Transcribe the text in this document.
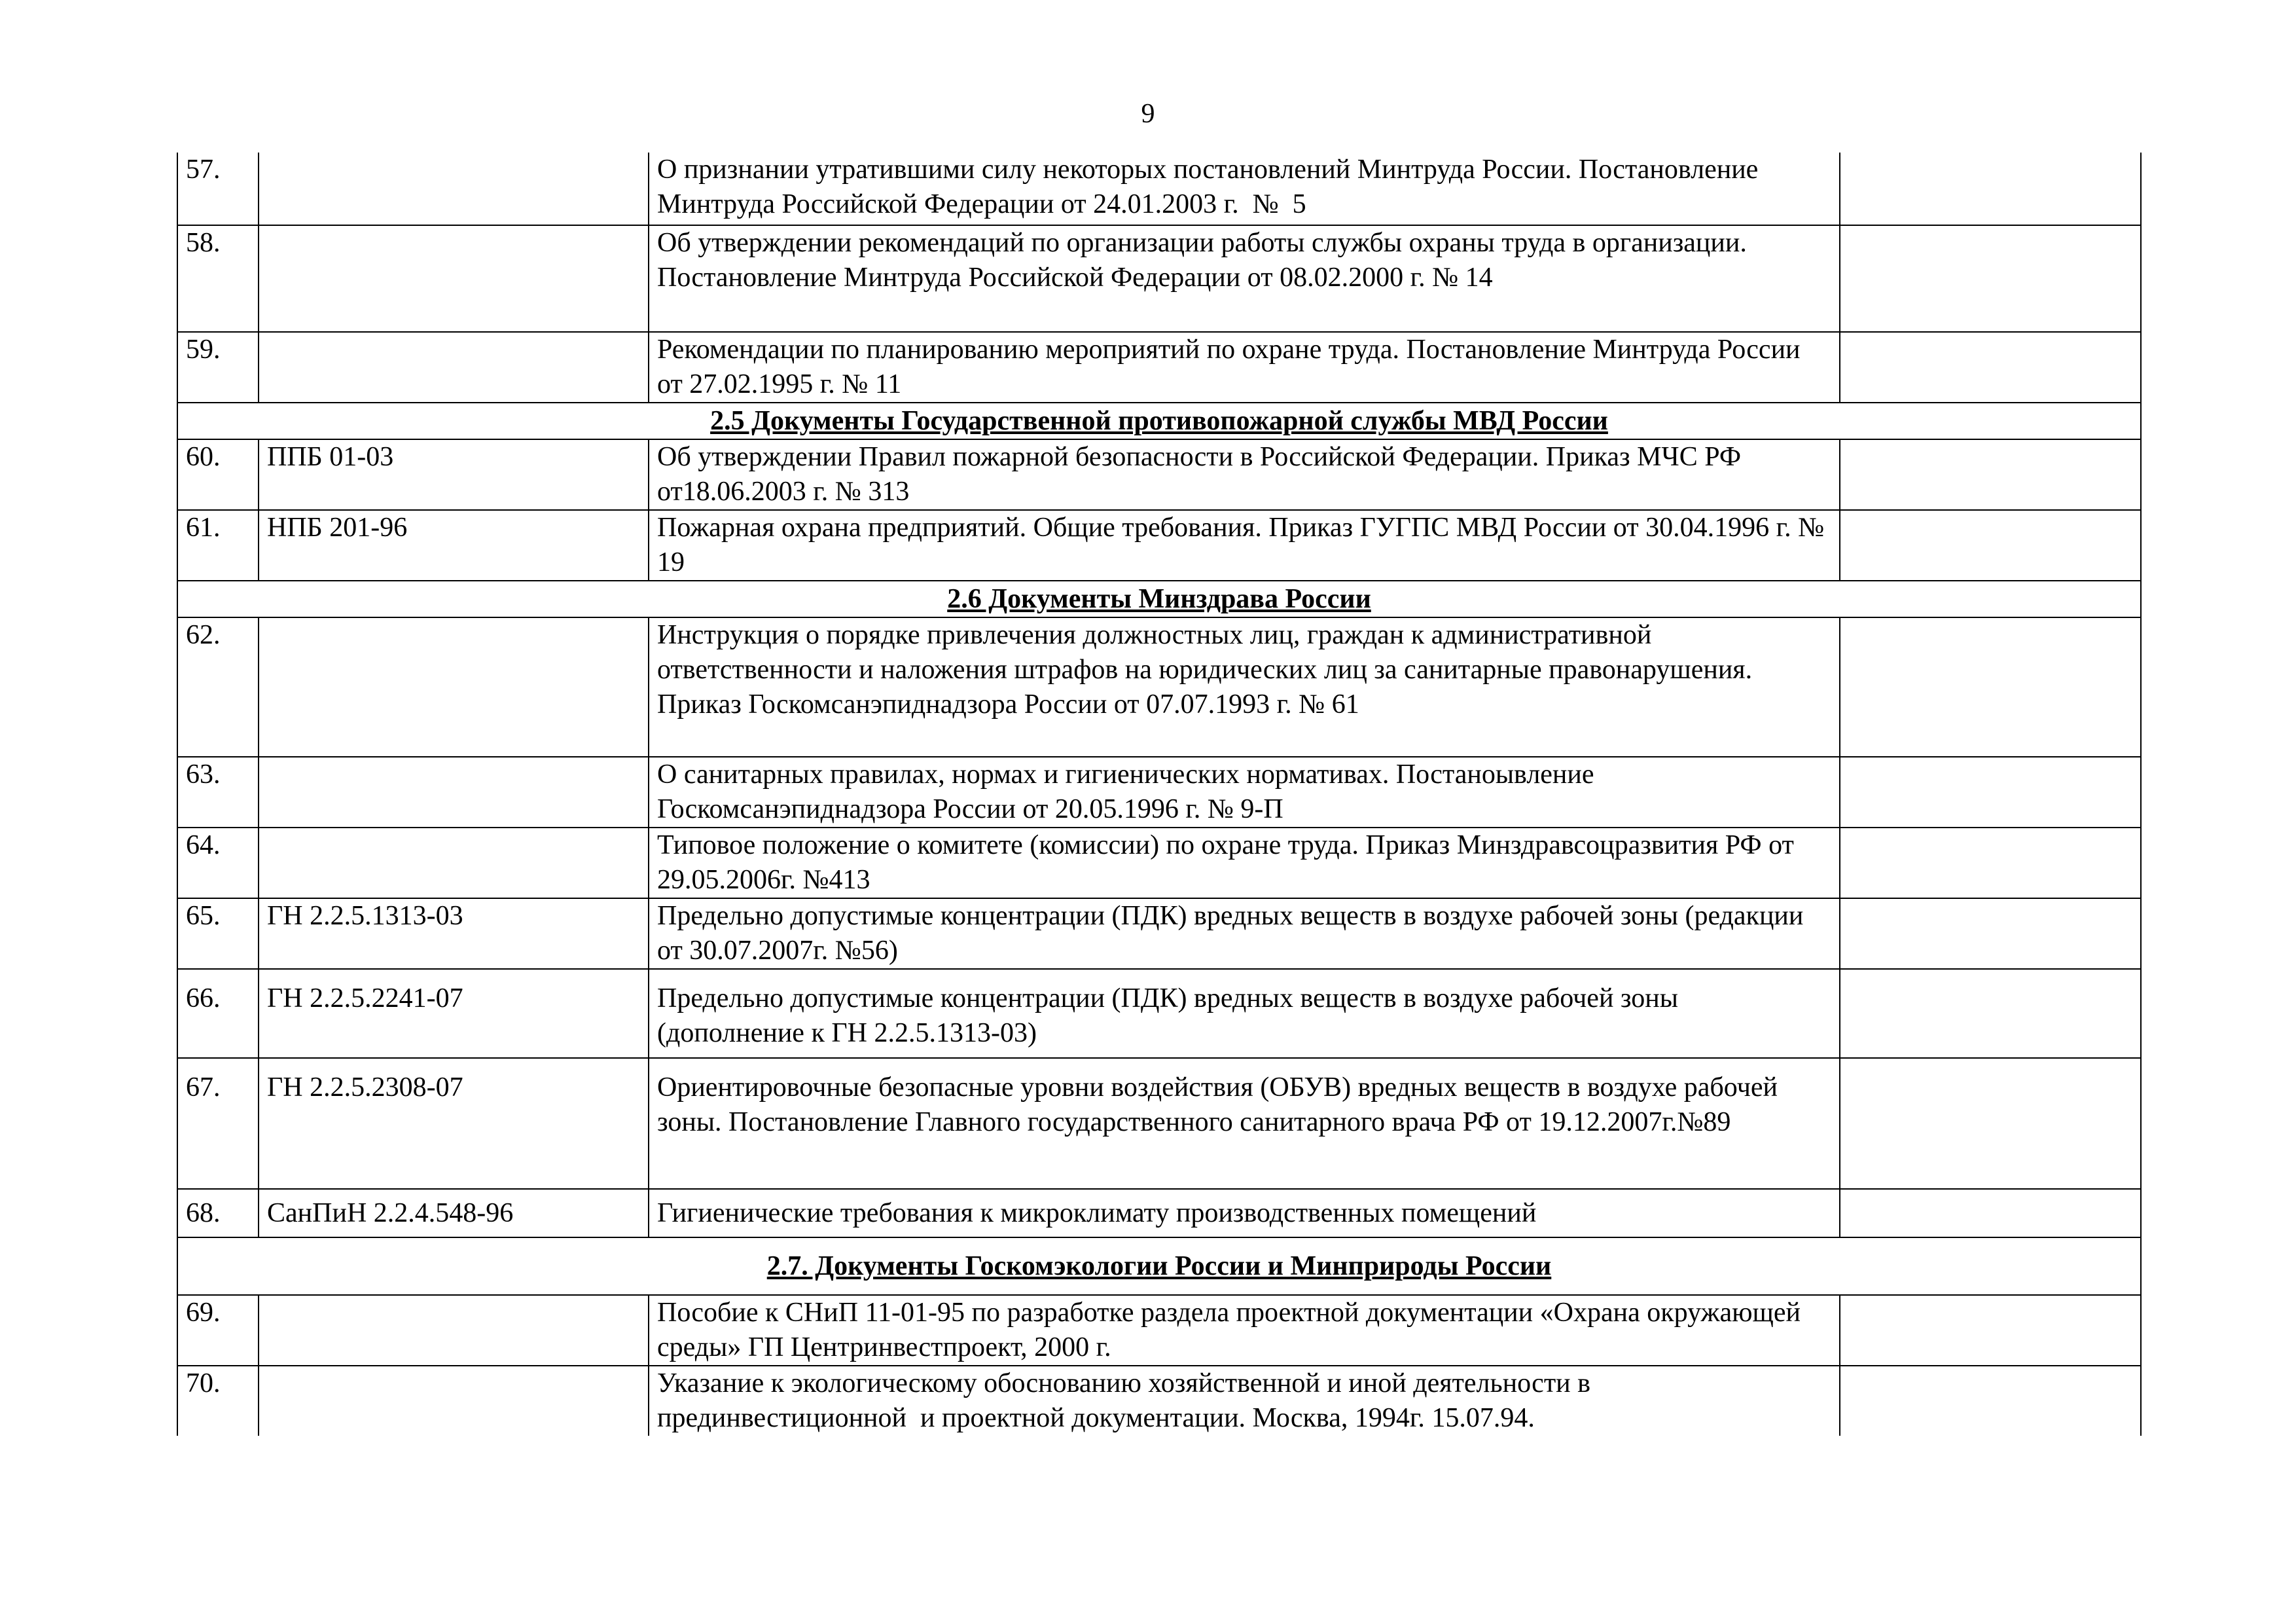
9
57.		О признании утратившими силу некоторых постановлений Минтруда России. Постановление Минтруда Российской Федерации от 24.01.2003 г.  №  5	
58.		Об утверждении рекомендаций по организации работы службы охраны труда в организации. Постановление Минтруда Российской Федерации от 08.02.2000 г. № 14	
59.		Рекомендации по планированию мероприятий по охране труда. Постановление Минтруда России от 27.02.1995 г. № 11	
2.5 Документы Государственной противопожарной службы МВД России			
60.	ППБ 01-03	Об утверждении Правил пожарной безопасности в Российской Федерации. Приказ МЧС РФ  от18.06.2003 г. № 313	
61.	НПБ 201-96	Пожарная охрана предприятий. Общие требования. Приказ ГУГПС МВД России от 30.04.1996 г. № 19	
2.6 Документы Минздрава России			
62.		Инструкция о порядке привлечения должностных лиц, граждан к административной ответственности и наложения штрафов на юридических лиц за санитарные правонарушения. Приказ Госкомсанэпиднадзора России от 07.07.1993 г. № 61	
63.		О санитарных правилах, нормах и гигиенических нормативах. Постаноывление Госкомсанэпиднадзора России от 20.05.1996 г. № 9-П	
64.		Типовое положение о комитете (комиссии) по охране труда. Приказ Минздравсоцразвития РФ от 29.05.2006г. №413	
65.	ГН 2.2.5.1313-03	Предельно допустимые концентрации (ПДК) вредных веществ в воздухе рабочей зоны (редакции от 30.07.2007г. №56)	
66.	ГН 2.2.5.2241-07	Предельно допустимые концентрации (ПДК) вредных веществ в воздухе рабочей зоны (дополнение к ГН 2.2.5.1313-03)	
67.	ГН 2.2.5.2308-07	Ориентировочные безопасные уровни воздействия (ОБУВ) вредных веществ в воздухе рабочей зоны. Постановление Главного государственного санитарного врача РФ от 19.12.2007г.№89	
68.	СанПиН 2.2.4.548-96	Гигиенические требования к микроклимату производственных помещений	
2.7. Документы Госкомэкологии России и Минприроды России			
69.		Пособие к СНиП 11-01-95 по разработке раздела проектной документации «Охрана окружающей среды» ГП Центринвестпроект, 2000 г.	
70.		Указание к экологическому обоснованию хозяйственной и иной деятельности в прединвестиционной  и проектной документации. Москва, 1994г. 15.07.94.	
